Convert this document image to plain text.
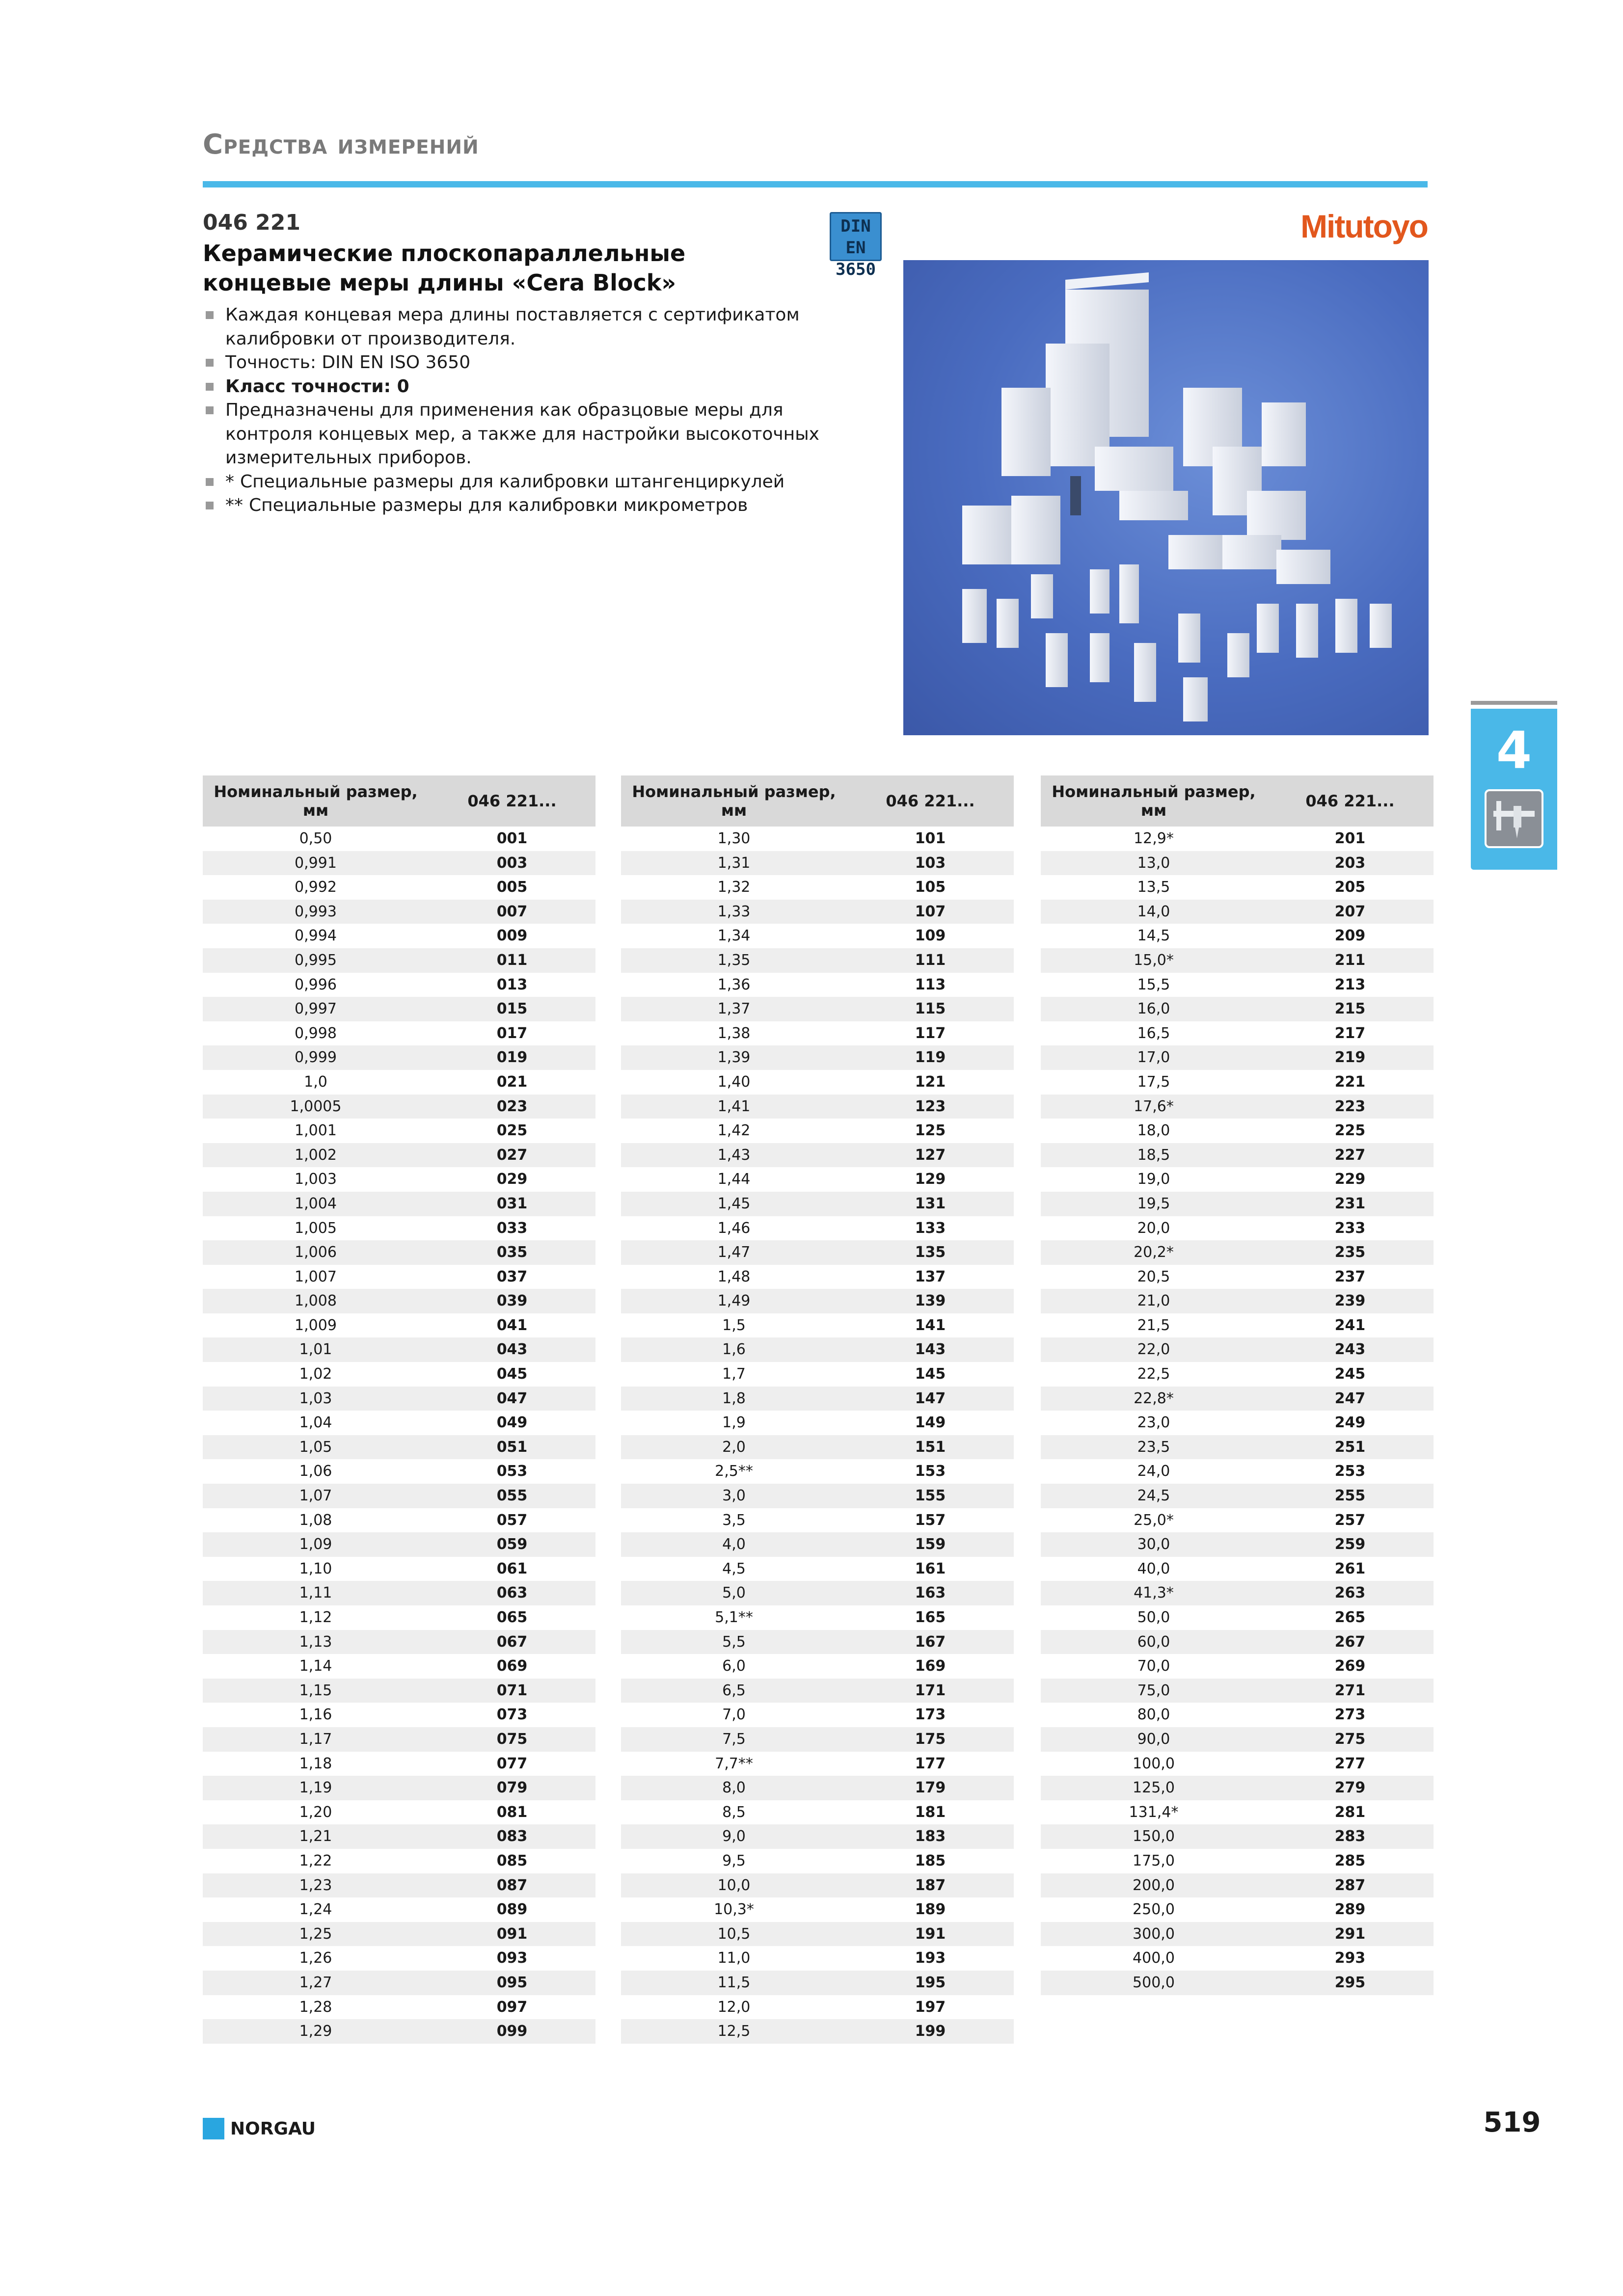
Средства измерений
046 221
Керамические плоскопараллельные концевые меры длины «Cera Block»
Каждая концевая мера длины поставляется с сертификатом калибровки от производителя.
Точность: DIN EN ISO 3650
Класс точности: 0
Предназначены для применения как образцовые меры для контроля концевых мер, а также для настройки высокоточных измерительных приборов.
* Специальные размеры для калибровки штангенциркулей
** Специальные размеры для калибровки микрометров
DIN EN
3650
Mitutoyo
4
Номинальный размер, мм	046 221...
0,50	001
0,991	003
0,992	005
0,993	007
0,994	009
0,995	011
0,996	013
0,997	015
0,998	017
0,999	019
1,0	021
1,0005	023
1,001	025
1,002	027
1,003	029
1,004	031
1,005	033
1,006	035
1,007	037
1,008	039
1,009	041
1,01	043
1,02	045
1,03	047
1,04	049
1,05	051
1,06	053
1,07	055
1,08	057
1,09	059
1,10	061
1,11	063
1,12	065
1,13	067
1,14	069
1,15	071
1,16	073
1,17	075
1,18	077
1,19	079
1,20	081
1,21	083
1,22	085
1,23	087
1,24	089
1,25	091
1,26	093
1,27	095
1,28	097
1,29	099
Номинальный размер, мм	046 221...
1,30	101
1,31	103
1,32	105
1,33	107
1,34	109
1,35	111
1,36	113
1,37	115
1,38	117
1,39	119
1,40	121
1,41	123
1,42	125
1,43	127
1,44	129
1,45	131
1,46	133
1,47	135
1,48	137
1,49	139
1,5	141
1,6	143
1,7	145
1,8	147
1,9	149
2,0	151
2,5**	153
3,0	155
3,5	157
4,0	159
4,5	161
5,0	163
5,1**	165
5,5	167
6,0	169
6,5	171
7,0	173
7,5	175
7,7**	177
8,0	179
8,5	181
9,0	183
9,5	185
10,0	187
10,3*	189
10,5	191
11,0	193
11,5	195
12,0	197
12,5	199
Номинальный размер, мм	046 221...
12,9*	201
13,0	203
13,5	205
14,0	207
14,5	209
15,0*	211
15,5	213
16,0	215
16,5	217
17,0	219
17,5	221
17,6*	223
18,0	225
18,5	227
19,0	229
19,5	231
20,0	233
20,2*	235
20,5	237
21,0	239
21,5	241
22,0	243
22,5	245
22,8*	247
23,0	249
23,5	251
24,0	253
24,5	255
25,0*	257
30,0	259
40,0	261
41,3*	263
50,0	265
60,0	267
70,0	269
75,0	271
80,0	273
90,0	275
100,0	277
125,0	279
131,4*	281
150,0	283
175,0	285
200,0	287
250,0	289
300,0	291
400,0	293
500,0	295
NORGAU	519
